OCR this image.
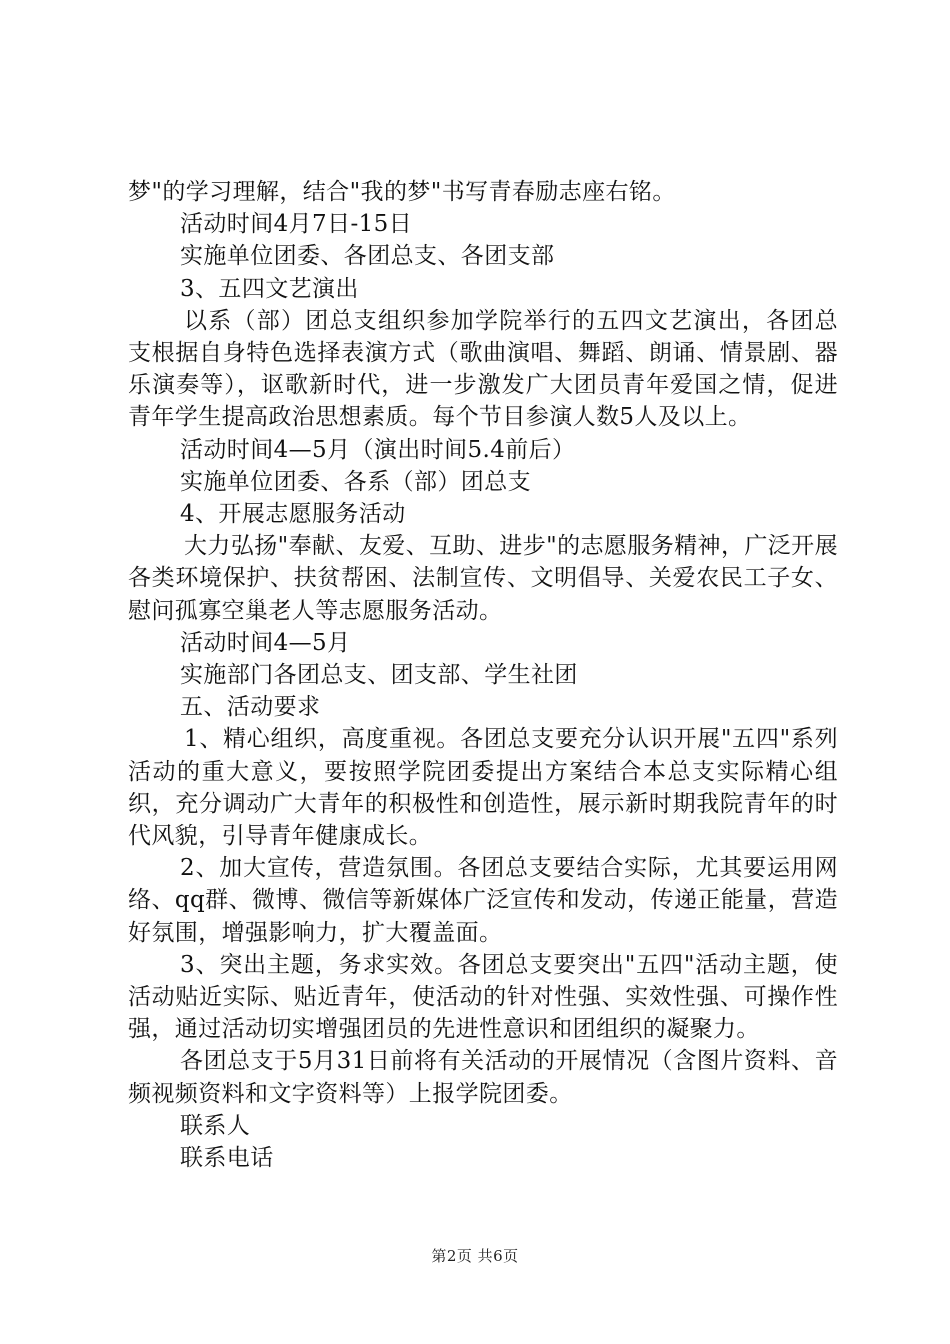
梦"的学习理解，结合"我的梦"书写青春励志座右铭。
活动时间4月7日-15日
实施单位团委、各团总支、各团支部
3、五四文艺演出
以系（部）团总支组织参加学院举行的五四文艺演出，各团总支根据自身特色选择表演方式（歌曲演唱、舞蹈、朗诵、情景剧、器乐演奏等），讴歌新时代，进一步激发广大团员青年爱国之情，促进青年学生提高政治思想素质。每个节目参演人数5人及以上。
活动时间4—5月（演出时间5.4前后）
实施单位团委、各系（部）团总支
4、开展志愿服务活动
大力弘扬"奉献、友爱、互助、进步"的志愿服务精神，广泛开展各类环境保护、扶贫帮困、法制宣传、文明倡导、关爱农民工子女、慰问孤寡空巢老人等志愿服务活动。
活动时间4—5月
实施部门各团总支、团支部、学生社团
五、活动要求
1、精心组织，高度重视。各团总支要充分认识开展"五四"系列活动的重大意义，要按照学院团委提出方案结合本总支实际精心组织，充分调动广大青年的积极性和创造性，展示新时期我院青年的时代风貌，引导青年健康成长。
2、加大宣传，营造氛围。各团总支要结合实际，尤其要运用网络、qq群、微博、微信等新媒体广泛宣传和发动，传递正能量，营造好氛围，增强影响力，扩大覆盖面。
3、突出主题，务求实效。各团总支要突出"五四"活动主题，使活动贴近实际、贴近青年，使活动的针对性强、实效性强、可操作性强，通过活动切实增强团员的先进性意识和团组织的凝聚力。
各团总支于5月31日前将有关活动的开展情况（含图片资料、音频视频资料和文字资料等）上报学院团委。
联系人
联系电话
第2页 共6页
